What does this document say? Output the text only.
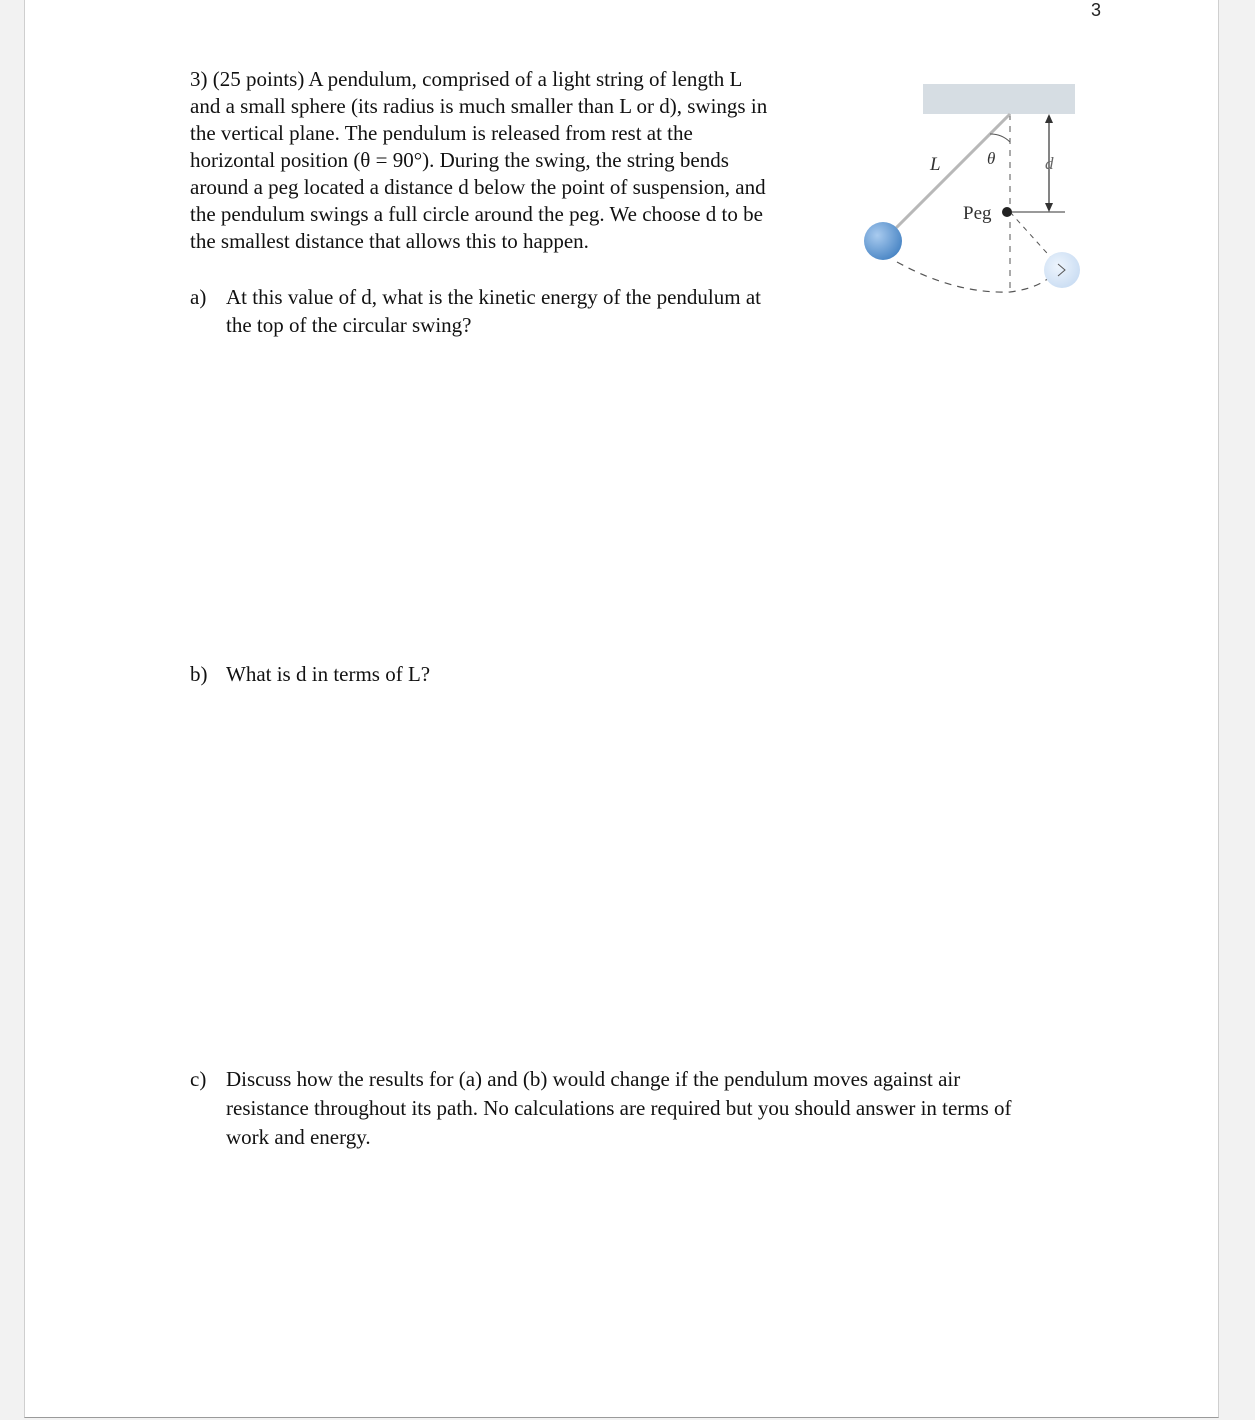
3
3) (25 points) A pendulum, comprised of a light string of length L
and a small sphere (its radius is much smaller than L or d), swings in
the vertical plane. The pendulum is released from rest at the
horizontal position (θ = 90°). During the swing, the string bends
around a peg located a distance d below the point of suspension, and
the pendulum swings a full circle around the peg. We choose d to be
the smallest distance that allows this to happen.
L	θ	d
Peg
a) At this value of d, what is the kinetic energy of the pendulum at
the top of the circular swing?
b) What is d in terms of L?
c) Discuss how the results for (a) and (b) would change if the pendulum moves against air
resistance throughout its path. No calculations are required but you should answer in terms of
work and energy.
